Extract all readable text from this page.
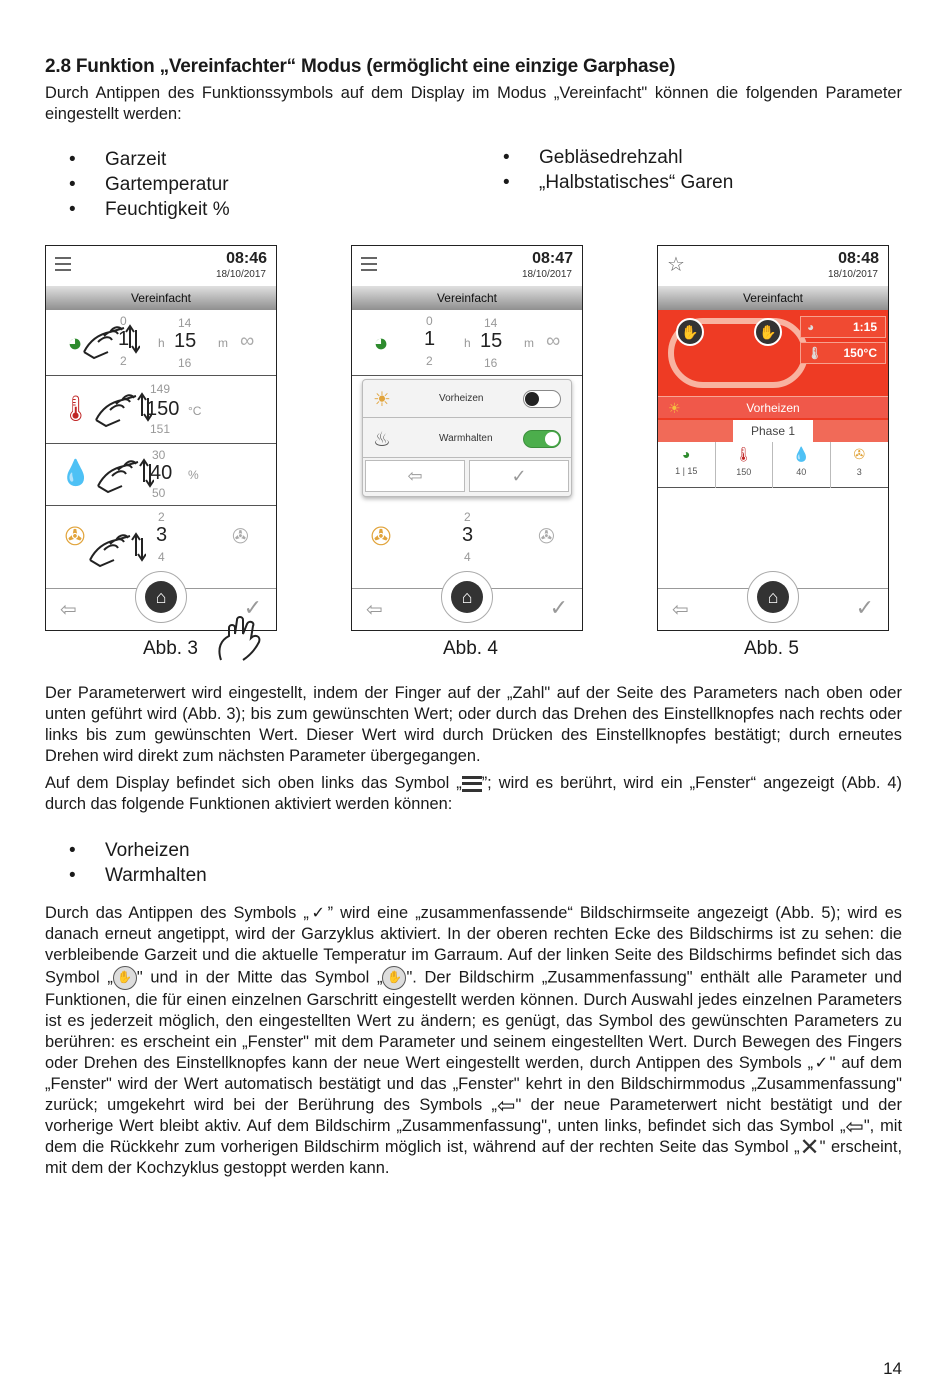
2.8 Funktion „Vereinfachter“ Modus (ermöglicht eine einzige Garphase)
Durch Antippen des Funktionssymbols auf dem Display im Modus „Vereinfacht" können die folgenden Parameter eingestellt werden:
• Garzeit
• Gartemperatur
• Feuchtigkeit %
• Gebläsedrehzahl
• „Halbstatisches“ Garen
08:46
18/10/2017
Vereinfacht
◕
0
1
2
h
14
15
16
m ∞
🌡
149
150
151
°C
💧
30
40
50
%
✇
2
3
4
✇
⇦
⌂	✓
08:47
18/10/2017
Vereinfacht
◕
0
1
2
h
14
15
16
m ∞
✇
2
3
4
✇
☀	Vorheizen
♨	Warmhalten
⇦	✓
⇦
⌂	✓
☆	08:48
18/10/2017
Vereinfacht
✋	✋	◕	1:15
🌡 150°C
☀	Vorheizen
Phase 1
◕
1 | 15
🌡
150
💧
40
✇
3
⇦
⌂	✓
Abb. 3	Abb. 4	Abb. 5
Der Parameterwert wird eingestellt, indem der Finger auf der „Zahl" auf der Seite des Parameters nach oben oder unten geführt wird (Abb. 3); bis zum gewünschten Wert; oder durch das Drehen des Einstellknopfes nach rechts oder links bis zum gewünschten Wert. Dieser Wert wird durch Drücken des Einstellknopfes bestätigt; durch erneutes Drehen wird direkt zum nächsten Parameter übergegangen.
Auf dem Display befindet sich oben links das Symbol „ ”; wird es berührt, wird ein „Fenster“ angezeigt (Abb. 4) durch das folgende Funktionen aktiviert werden können:
• Vorheizen
• Warmhalten
Durch das Antippen des Symbols „✓” wird eine „zusammenfassende“ Bildschirmseite angezeigt (Abb. 5); wird es danach erneut angetippt, wird der Garzyklus aktiviert. In der oberen rechten Ecke des Bildschirms ist zu sehen: die verbleibende Garzeit und die aktuelle Temperatur im Garraum. Auf der linken Seite des Bildschirms befindet sich das Symbol „ ✋ " und in der Mitte das Symbol „ ✋ ". Der Bildschirm „Zusammenfassung" enthält alle Parameter und Funktionen, die für einen einzelnen Garschritt eingestellt werden können. Durch Auswahl jedes einzelnen Parameters ist es jederzeit möglich, den eingestellten Wert zu ändern; es genügt, das Symbol des gewünschten Parameters zu berühren: es erscheint ein „Fenster" mit dem Parameter und seinem eingestellten Wert. Durch Bewegen des Fingers oder Drehen des Einstellknopfes kann der neue Wert eingestellt werden, durch Antippen des Symbols „✓" auf dem „Fenster" wird der Wert automatisch bestätigt und das „Fenster" kehrt in den Bildschirmmodus „Zusammenfassung" zurück; umgekehrt wird bei der Berührung des Symbols „⇦" der neue Parameterwert nicht bestätigt und der vorherige Wert bleibt aktiv. Auf dem Bildschirm „Zusammenfassung", unten links, befindet sich das Symbol „⇦", mit dem die Rückkehr zum vorherigen Bildschirm möglich ist, während auf der rechten Seite das Symbol „✕" erscheint, mit dem der Kochzyklus gestoppt werden kann.
14
